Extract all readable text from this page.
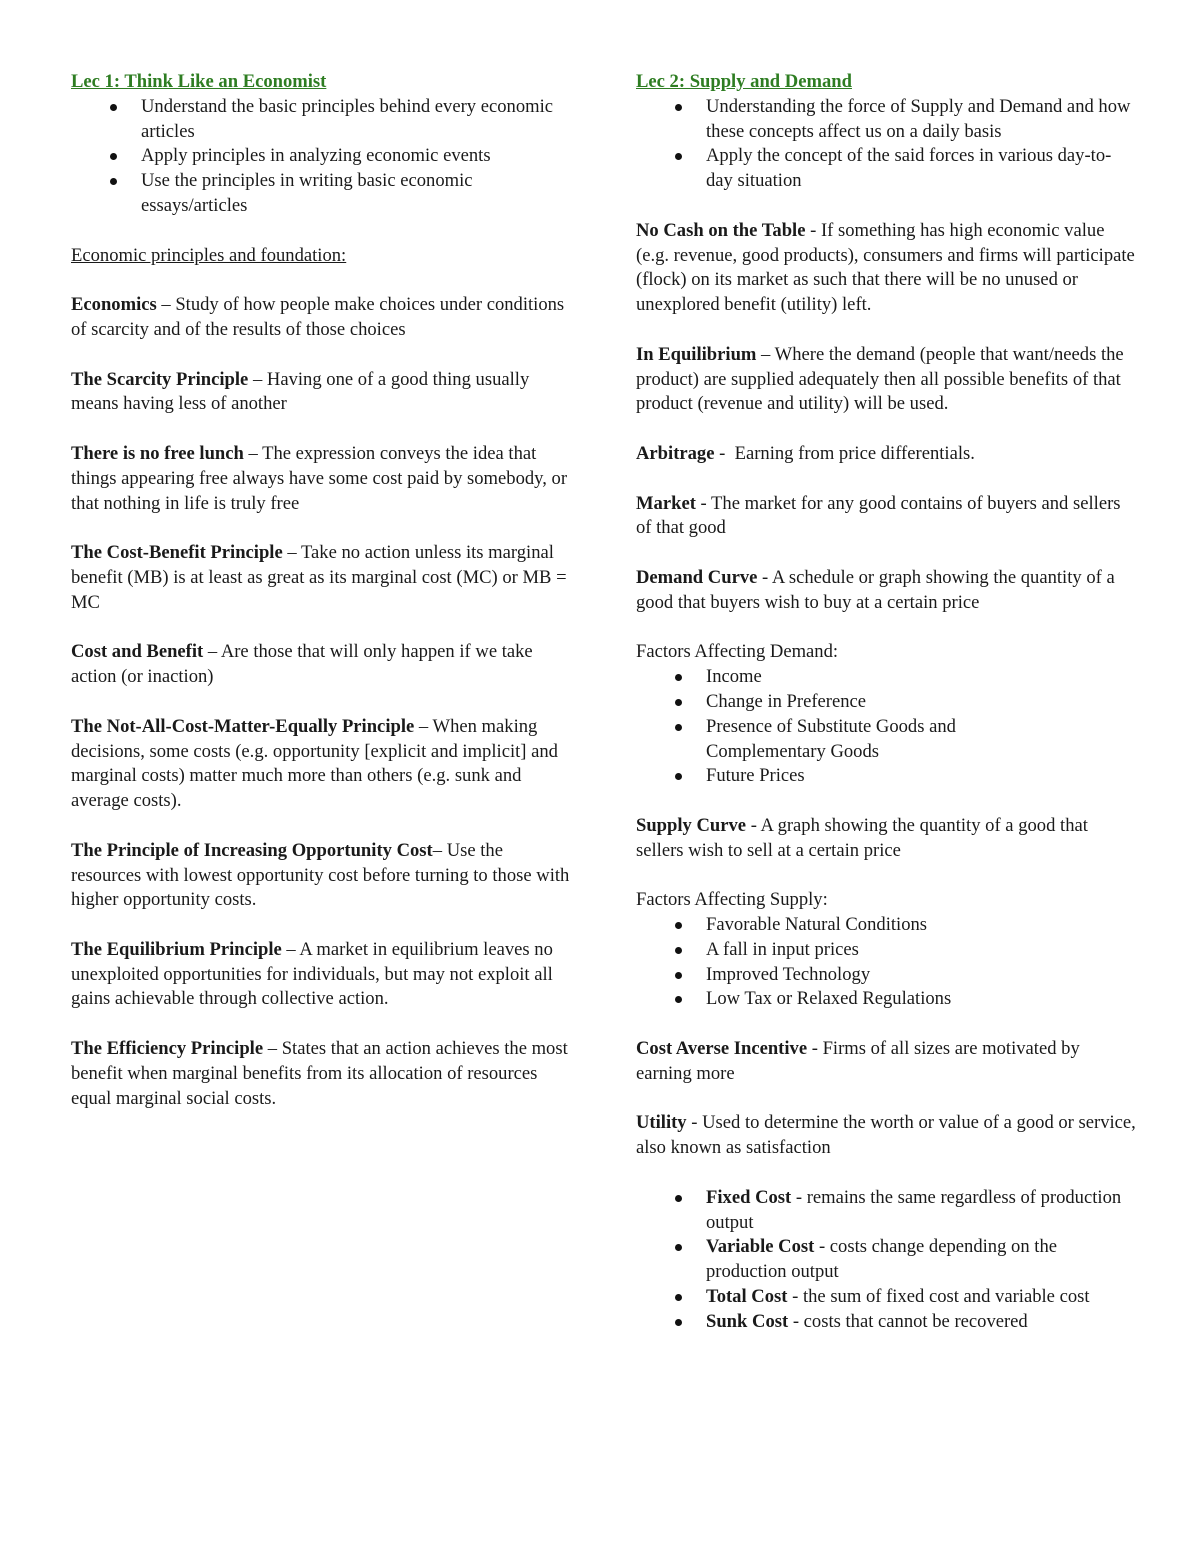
Lec 1: Think Like an Economist

Understand the basic principles behind every economic articles
Apply principles in analyzing economic events
Use the principles in writing basic economic essays/articles

Economic principles and foundation:

Economics – Study of how people make choices under conditions of scarcity and of the results of those choices

The Scarcity Principle – Having one of a good thing usually means having less of another

There is no free lunch – The expression conveys the idea that things appearing free always have some cost paid by somebody, or that nothing in life is truly free

The Cost-Benefit Principle – Take no action unless its marginal benefit (MB) is at least as great as its marginal cost (MC) or MB = MC

Cost and Benefit – Are those that will only happen if we take action (or inaction)

The Not-All-Cost-Matter-Equally Principle – When making decisions, some costs (e.g. opportunity [explicit and implicit] and marginal costs) matter much more than others (e.g. sunk and average costs).

The Principle of Increasing Opportunity Cost– Use the resources with lowest opportunity cost before turning to those with higher opportunity costs.

The Equilibrium Principle – A market in equilibrium leaves no unexploited opportunities for individuals, but may not exploit all gains achievable through collective action.

The Efficiency Principle – States that an action achieves the most benefit when marginal benefits from its allocation of resources equal marginal social costs.

Lec 2: Supply and Demand

Understanding the force of Supply and Demand and how these concepts affect us on a daily basis
Apply the concept of the said forces in various day-to-day situation

No Cash on the Table - If something has high economic value (e.g. revenue, good products), consumers and firms will participate (flock) on its market as such that there will be no unused or unexplored benefit (utility) left.

In Equilibrium – Where the demand (people that want/needs the product) are supplied adequately then all possible benefits of that product (revenue and utility) will be used.

Arbitrage -  Earning from price differentials.

Market - The market for any good contains of buyers and sellers of that good

Demand Curve - A schedule or graph showing the quantity of a good that buyers wish to buy at a certain price

Factors Affecting Demand:

Income
Change in Preference
Presence of Substitute Goods and Complementary Goods
Future Prices

Supply Curve - A graph showing the quantity of a good that sellers wish to sell at a certain price

Factors Affecting Supply:

Favorable Natural Conditions
A fall in input prices
Improved Technology
Low Tax or Relaxed Regulations

Cost Averse Incentive - Firms of all sizes are motivated by earning more

Utility - Used to determine the worth or value of a good or service, also known as satisfaction

Fixed Cost - remains the same regardless of production output
Variable Cost - costs change depending on the production output
Total Cost - the sum of fixed cost and variable cost
Sunk Cost - costs that cannot be recovered
